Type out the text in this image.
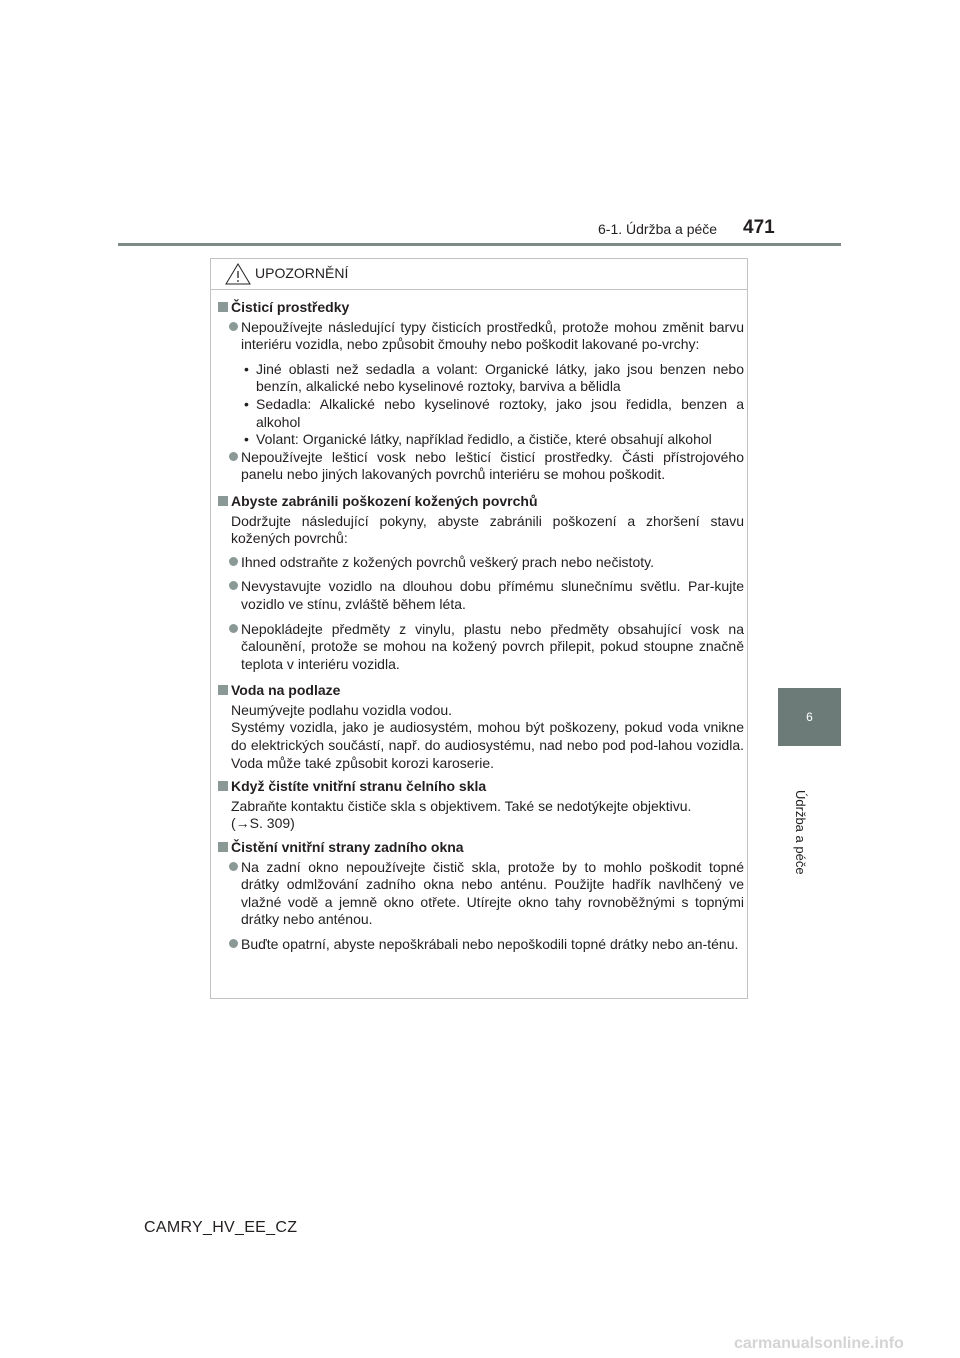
6-1. Údržba a péče 471
6
Údržba a péče
UPOZORNĚNÍ
Čisticí prostředky
Nepoužívejte následující typy čisticích prostředků, protože mohou změnit barvu interiéru vozidla, nebo způsobit čmouhy nebo poškodit lakované po-vrchy:
• Jiné oblasti než sedadla a volant: Organické látky, jako jsou benzen nebo benzín, alkalické nebo kyselinové roztoky, barviva a bělidla
• Sedadla: Alkalické nebo kyselinové roztoky, jako jsou ředidla, benzen a alkohol
• Volant: Organické látky, například ředidlo, a čističe, které obsahují alkohol
Nepoužívejte lešticí vosk nebo lešticí čisticí prostředky. Části přístrojového panelu nebo jiných lakovaných povrchů interiéru se mohou poškodit.
Abyste zabránili poškození kožených povrchů
Dodržujte následující pokyny, abyste zabránili poškození a zhoršení stavu kožených povrchů:
Ihned odstraňte z kožených povrchů veškerý prach nebo nečistoty.
Nevystavujte vozidlo na dlouhou dobu přímému slunečnímu světlu. Par-kujte vozidlo ve stínu, zvláště během léta.
Nepokládejte předměty z vinylu, plastu nebo předměty obsahující vosk na čalounění, protože se mohou na kožený povrch přilepit, pokud stoupne značně teplota v interiéru vozidla.
Voda na podlaze
Neumývejte podlahu vozidla vodou.
Systémy vozidla, jako je audiosystém, mohou být poškozeny, pokud voda vnikne do elektrických součástí, např. do audiosystému, nad nebo pod pod-lahou vozidla. Voda může také způsobit korozi karoserie.
Když čistíte vnitřní stranu čelního skla
Zabraňte kontaktu čističe skla s objektivem. Také se nedotýkejte objektivu.
(→S. 309)
Čistění vnitřní strany zadního okna
Na zadní okno nepoužívejte čistič skla, protože by to mohlo poškodit topné drátky odmlžování zadního okna nebo anténu. Použijte hadřík navlhčený ve vlažné vodě a jemně okno otřete. Utírejte okno tahy rovnoběžnými s topnými drátky nebo anténou.
Buďte opatrní, abyste nepoškrábali nebo nepoškodili topné drátky nebo an-ténu.
CAMRY_HV_EE_CZ
carmanualsonline.info
